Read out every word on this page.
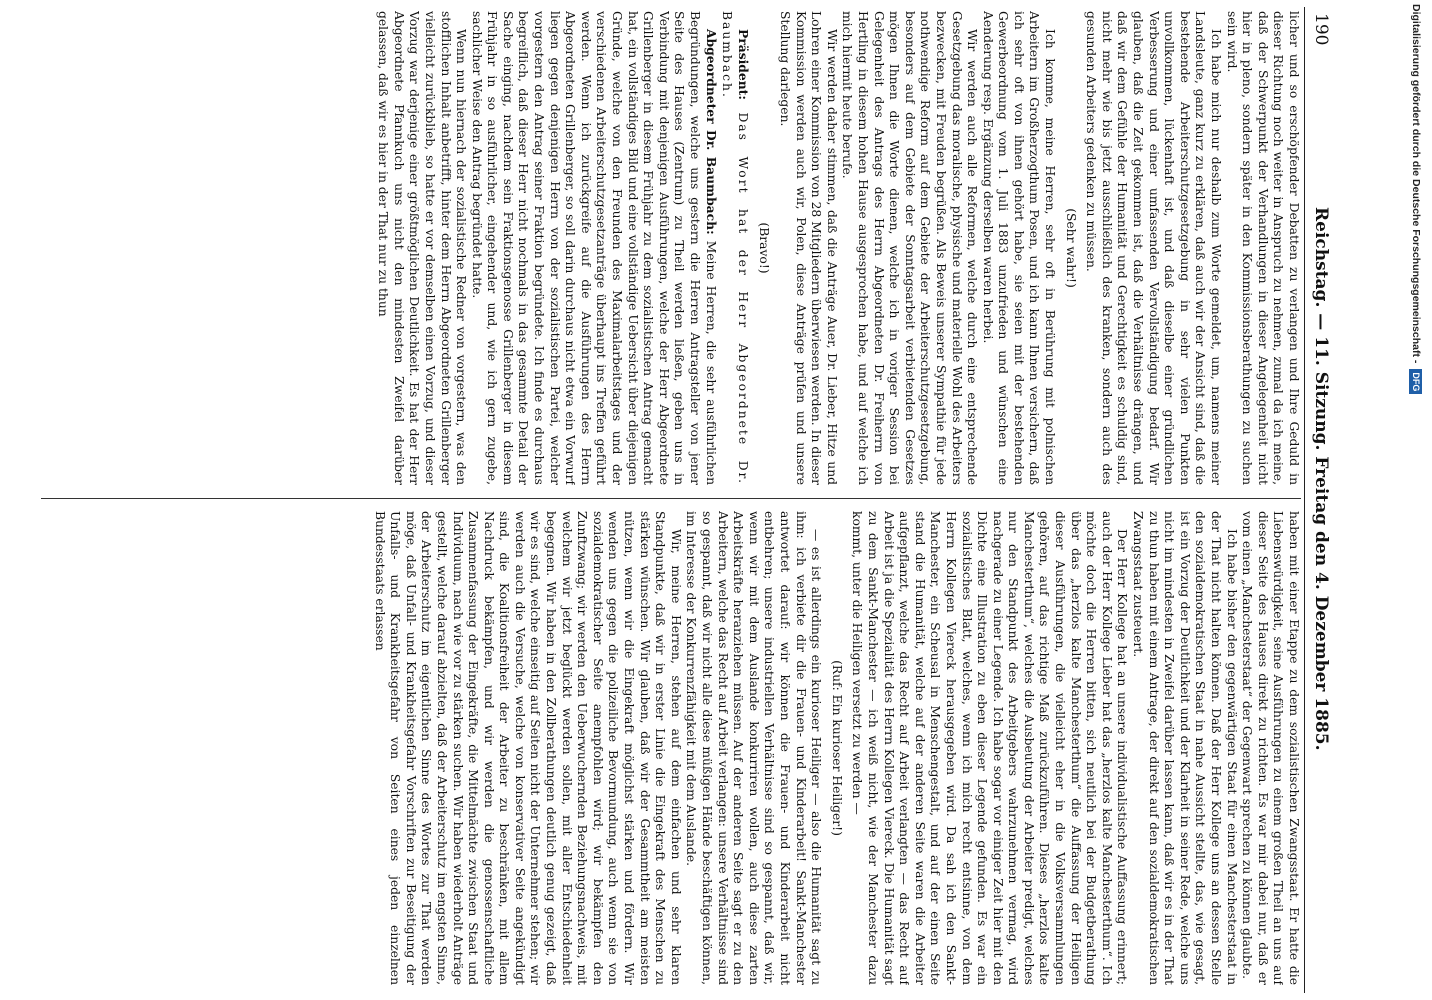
190
Reichstag. — 11. Sitzung. Freitag den 4. Dezember 1885.

licher und so erschöpfender Debatten zu verlangen und Ihre Geduld in dieser Richtung noch weiter in Anspruch zu nehmen, zumal da ich meine, daß der Schwerpunkt der Verhandlungen in dieser Angelegenheit nicht hier in pleno, sondern später in den Kommissionsberathungen zu suchen sein wird.

Ich habe mich nur deshalb zum Worte gemeldet, um, namens meiner Landsleute, ganz kurz zu erklären, daß auch wir der Ansicht sind, daß die bestehende Arbeiterschutzgesetzgebung in sehr vielen Punkten unvollkommen, lückenhaft ist, und daß dieselbe einer gründlichen Verbesserung und einer umfassenden Vervollständigung bedarf. Wir glauben, daß die Zeit gekommen ist, daß die Verhältnisse drängen, und daß wir dem Gefühle der Humanität und Gerechtigkeit es schuldig sind, nicht mehr wie bis jetzt ausschließlich des kranken, sondern auch des gesunden Arbeiters gedenken zu müssen.

(Sehr wahr!)

Ich komme, meine Herren, sehr oft in Berührung mit polnischen Arbeitern im Großherzogthum Posen, und ich kann Ihnen versichern, daß ich sehr oft von ihnen gehört habe, sie seien mit der bestehenden Gewerbeordnung vom 1. Juli 1883 unzufrieden und wünschen eine Aenderung resp. Ergänzung derselben waren herbei.

Wir werden auch alle Reformen, welche durch eine entsprechende Gesetzgebung das moralische, physische und materielle Wohl des Arbeiters bezwecken, mit Freuden begrüßen. Als Beweis unserer Sympathie für jede nothwendige Reform auf dem Gebiete der Arbeiterschutzgesetzgebung, besonders auf dem Gebiete der Sonntagsarbeit verbietenden Gesetzes mögen Ihnen die Worte dienen, welche ich in voriger Session bei Gelegenheit des Antrags des Herrn Abgeordneten Dr. Freiherrn von Hertling in diesem hohen Hause ausgesprochen habe, und auf welche ich mich hiermit heute berufe.

Wir werden daher stimmen, daß die Anträge Auer, Dr. Lieber, Hitze und Lohren einer Kommission von 28 Mitgliedern überwiesen werden. In dieser Kommission werden auch wir, Polen, diese Anträge prüfen und unsere Stellung darlegen.

(Bravo!)

Präsident: Das Wort hat der Herr Abgeordnete Dr. Baumbach.

Abgeordneter Dr. Baumbach: Meine Herren, die sehr ausführlichen Begründungen, welche uns gestern die Herren Antragsteller von jener Seite des Hauses (Zentrum) zu Theil werden ließen, geben uns in Verbindung mit denjenigen Ausführungen, welche der Herr Abgeordnete Grillenberger in diesem Frühjahr zu dem sozialistischen Antrag gemacht hat, ein vollständiges Bild und eine vollständige Uebersicht über diejenigen Gründe, welche von den Freunden des Maximalarbeitstages und der verschiedenen Arbeiterschutzgesetzanträge überhaupt ins Treffen geführt werden. Wenn ich zurückgreife auf die Ausführungen des Herrn Abgeordneten Grillenberger, so soll darin durchaus nicht etwa ein Vorwurf liegen gegen denjenigen Herrn von der sozialistischen Partei, welcher vorgestern den Antrag seiner Fraktion begründete. Ich finde es durchaus begreiflich, daß dieser Herr nicht nochmals in das gesammte Detail der Sache einging, nachdem sein Fraktionsgenosse Grillenberger in diesem Frühjahr in so ausführlicher, eingehender und, wie ich gern zugebe, sachlicher Weise den Antrag begründet hatte.

Wenn nun hiernach der sozialistische Redner von vorgestern, was den stofflichen Inhalt anbetrifft, hinter dem Herrn Abgeordneten Grillenberger vielleicht zurückblieb, so hatte er vor demselben einen Vorzug, und dieser Vorzug war derjenige einer größtmöglichen Deutlichkeit. Es hat der Herr Abgeordnete Pfannkuch uns nicht den mindesten Zweifel darüber gelassen, daß wir es hier in der That nur zu thun

haben mit einer Etappe zu dem sozialistischen Zwangsstaat. Er hatte die Liebenswürdigkeit, seine Ausführungen zu einem großen Theil an uns auf dieser Seite des Hauses direkt zu richten. Es war mir dabei nur, daß er vom einen „Manchesterstaat“ der Gegenwart sprechen zu können glaubte.

Ich habe bisher den gegenwärtigen Staat für einen Manchesterstaat in der That nicht halten können. Daß der Herr Kollege uns an dessen Stelle den sozialdemokratischen Staat in nahe Aussicht stellte, das, wie gesagt, ist ein Vorzug der Deutlichkeit und der Klarheit in seiner Rede, welche uns nicht im mindesten in Zweifel darüber lassen kann, daß wir es in der That zu thun haben mit einem Antrage, der direkt auf den sozialdemokratischen Zwangsstaat zusteuert.

Der Herr Kollege hat an unsere individualistische Auffassung erinnert; auch der Herr Kollege Lieber hat das „herzlos kalte Manchesterthum“. Ich möchte doch die Herren bitten, sich neutlich bei der Budgetberathung über das „herzlos kalte Manchesterthum“ die Auffassung der Heiligen dieser Ausführungen, die vielleicht eher in die Volksversammlungen gehören, auf das richtige Maß zurückzuführen. Dieses „herzlos kalte Manchesterthum“, welches die Ausbeutung der Arbeiter predigt, welches nur den Standpunkt des Arbeitgebers wahrzunehmen vermag, wird nachgerade zu einer Legende. Ich habe sogar vor einiger Zeit hier mit den Dichte eine Illustration zu eben dieser Legende gefunden. Es war ein sozialistisches Blatt, welches, wenn ich mich recht entsinne, von dem Herrn Kollegen Viereck herausgegeben wird. Da sah ich den Sankt-Manchester, ein Scheusal in Menschengestalt, und auf der einen Seite stand die Humanität, welche auf der anderen Seite waren die Arbeiter aufgepflanzt, welche das Recht auf Arbeit verlangten — das Recht auf Arbeit ist ja die Spezialität des Herrn Kollegen Viereck. Die Humanität sagt zu dem Sankt-Manchester — ich weiß nicht, wie der Manchester dazu kommt, unter die Heiligen versetzt zu werden —

(Ruf: Ein kurioser Heiliger!)

— es ist allerdings ein kurioser Heiliger — also die Humanität sagt zu ihm: ich verbiete dir die Frauen- und Kinderarbeit! Sankt-Manchester antwortet darauf: wir können die Frauen- und Kinderarbeit nicht entbehren; unsere industriellen Verhältnisse sind so gespannt, daß wir, wenn wir mit dem Auslande konkurriren wollen, auch diese zarten Arbeitskräfte heranziehen müssen. Auf der anderen Seite sagt er zu den Arbeitern, welche das Recht auf Arbeit verlangen: unsere Verhältnisse sind so gespannt, daß wir nicht alle diese müßigen Hände beschäftigen können, im Interesse der Konkurrenzfähigkeit mit dem Auslande.

Wir, meine Herren, stehen auf dem einfachen und sehr klaren Standpunkte, daß wir in erster Linie die Eingekraft des Menschen zu stärken wünschen. Wir glauben, daß wir der Gesammtheit am meisten nützen, wenn wir die Eingekraft möglichst stärken und fördern. Wir wenden uns gegen die polizeiliche Bevormundung, auch wenn sie von sozialdemokratischer Seite anempfohlen wird; wir bekämpfen den Zunftzwang; wir werden den Ueberwuchernden Beziehungsnachweis, mit welchem wir jetzt beglückt werden sollen, mit aller Entschiedenheit begegnen. Wir haben in den Zollberathungen deutlich genug gezeigt, daß wir es sind, welche einseitig auf Seiten nicht der Unternehmer stehen; wir werden auch die Versuche, welche von konservativer Seite angekündigt sind, die Koalitionsfreiheit der Arbeiter zu beschränken, mit allem Nachdruck bekämpfen, und wir werden die genossenschaftliche Zusammenfassung der Eingekräfte, die Mittelmächte zwischen Staat und Individuum, nach wie vor zu stärken suchen. Wir haben wiederholt Anträge gestellt, welche darauf abzielten, daß der Arbeiterschutz im engsten Sinne, der Arbeiterschutz im eigentlichen Sinne des Wortes zur That werden möge, daß Unfall- und Krankheitsgefahr Vorschriften zur Beseitigung der Unfalls- und Krankheitsgefahr von Seiten eines jeden einzelnen Bundesstaats erlassen

Digitalisierung gefördert durch die Deutsche Forschungsgemeinschaft -DFG
